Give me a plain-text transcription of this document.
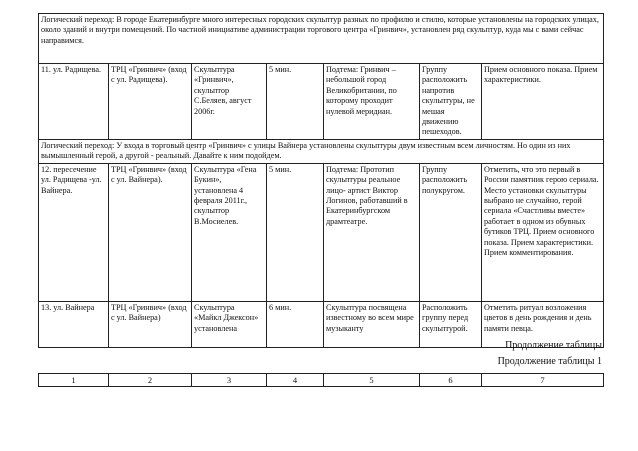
Логический переход: В городе Екатеринбурге много интересных городских скульптур разных по профилю и стилю, которые установлены на городских улицах, около зданий и внутри помещений. По частной инициативе администрации торгового центра «Гринвич», установлен ряд скульптур, куда мы с вами сейчас направимся.						
11. ул. Радищева.	ТРЦ «Гринвич» (вход с ул. Радищева).	Скульптура «Гринвич», скульптор С.Беляев, август 2006г.	5 мин.	Подтема: Гринвич – небольшой город Великобритании, по которому проходит нулевой меридиан.	Группу расположить напротив скульптуры, не мешая движению пешеходов.	Прием основного показа. Прием характеристики.
Логический переход: У входа в торговый центр «Гринвич» с улицы Вайнера установлены скульптуры двум известным всем личностям. Но один из них вымышленный герой, а другой - реальный. Давайте к ним подойдем.						
12. пересечение ул. Радищева -ул. Вайнера.	ТРЦ «Гринвич» (вход с ул. Вайнера).	Скульптура «Гена Букин», установлена 4 февраля 2011г., скульптор В.Мосиелев.	5 мин.	Подтема: Прототип скульптуры реальное лицо- артист Виктор Логинов, работавший в Екатеринбургском драмтеатре.	Группу расположить полукругом.	Отметить, что это первый в России памятник герою сериала. Место установки скульптуры выбрано не случайно, герой сериала «Счастливы вместе» работает в одном из обувных бутиков ТРЦ. Прием основного показа. Прием характеристики. Прием комментирования.
13. ул. Вайнера	ТРЦ «Гринвич» (вход с ул. Вайнера)	Скульптура «Майкл Джексон» установлена	6 мин.	Скульптура посвящена известному во всем мире музыканту	Расположить группу перед скульптурой.	Отметить ритуал возложения цветов в день рождения и день памяти певца.
Продолжение таблицы
Продолжение таблицы 1
1	2	3	4	5	6	7
